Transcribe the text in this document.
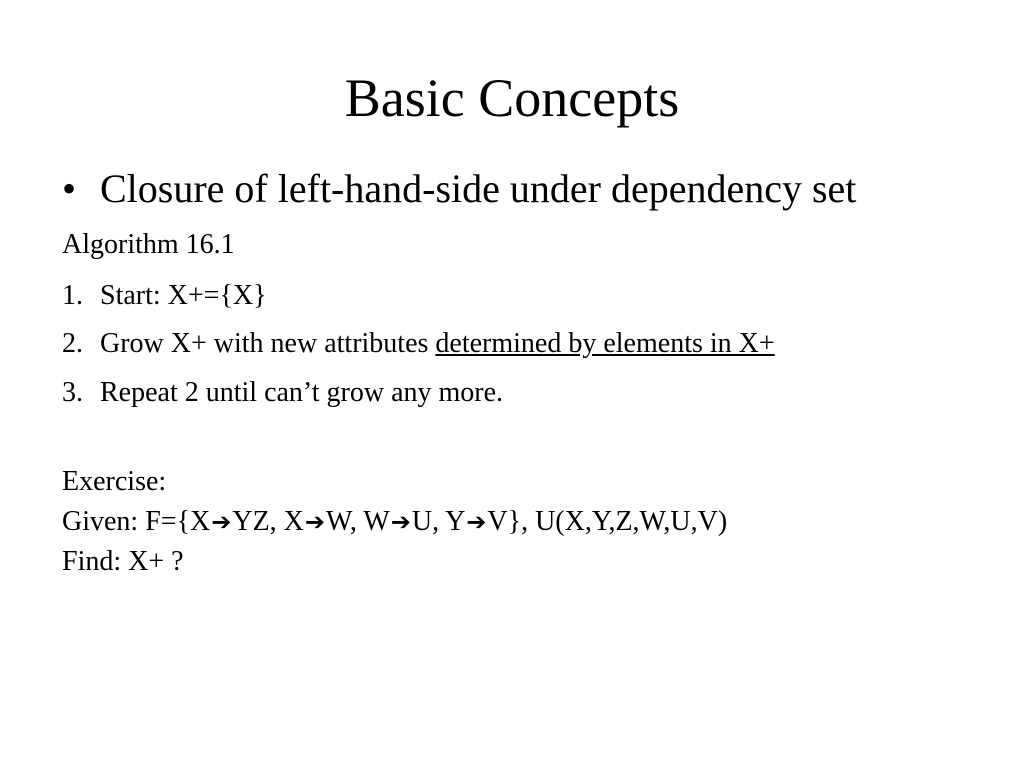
Basic Concepts
• Closure of left-hand-side under dependency set
Algorithm 16.1
1. Start: X+={X}
2. Grow X+ with new attributes determined by elements in X+
3. Repeat 2 until can’t grow any more.
Exercise:
Given: F={X➔YZ, X➔W, W➔U, Y➔V}, U(X,Y,Z,W,U,V)
Find: X+ ?
